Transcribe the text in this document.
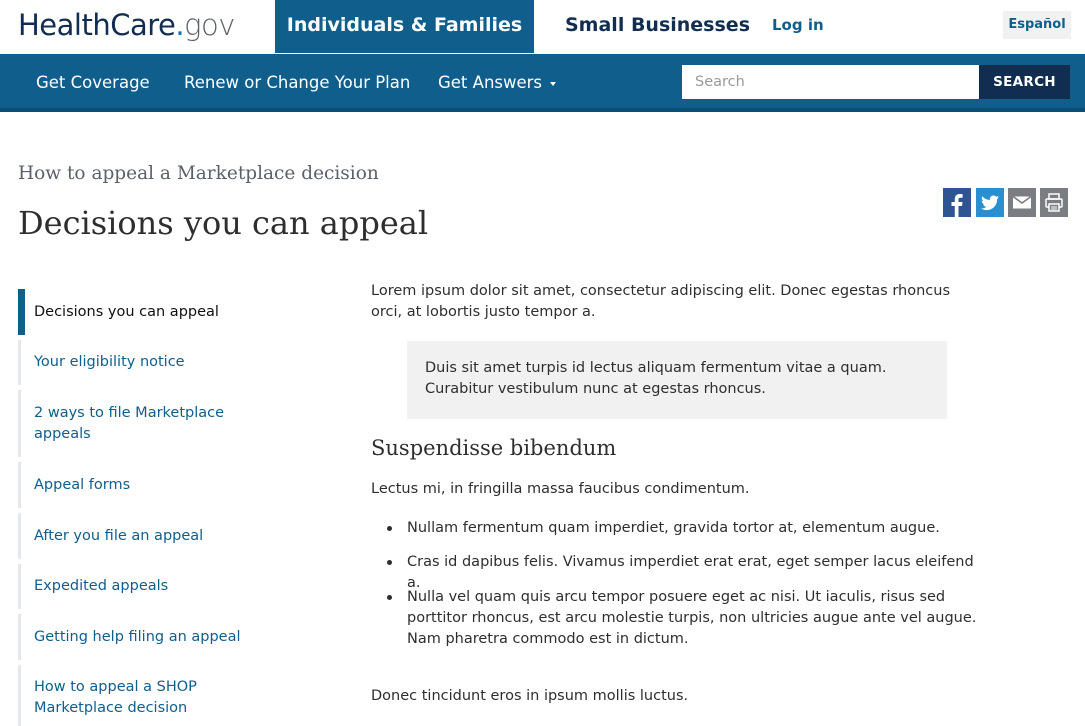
HealthCare.gov	Individuals & Families	Small Businesses Log in	Español
Get Coverage Renew or Change Your Plan Get Answers
Search	SEARCH
How to appeal a Marketplace decision
Decisions you can appeal
Decisions you can appeal
Your eligibility notice
2 ways to file Marketplace appeals
Appeal forms
After you file an appeal
Expedited appeals
Getting help filing an appeal
How to appeal a SHOP Marketplace decision

Lorem ipsum dolor sit amet, consectetur adipiscing elit. Donec egestas rhoncus orci, at lobortis justo tempor a.

Duis sit amet turpis id lectus aliquam fermentum vitae a quam. Curabitur vestibulum nunc at egestas rhoncus.
Suspendisse bibendum

Lectus mi, in fringilla massa faucibus condimentum.

Nullam fermentum quam imperdiet, gravida tortor at, elementum augue.
Cras id dapibus felis. Vivamus imperdiet erat erat, eget semper lacus eleifend a.
Nulla vel quam quis arcu tempor posuere eget ac nisi. Ut iaculis, risus sed porttitor rhoncus, est arcu molestie turpis, non ultricies augue ante vel augue. Nam pharetra commodo est in dictum.

Donec tincidunt eros in ipsum mollis luctus.
